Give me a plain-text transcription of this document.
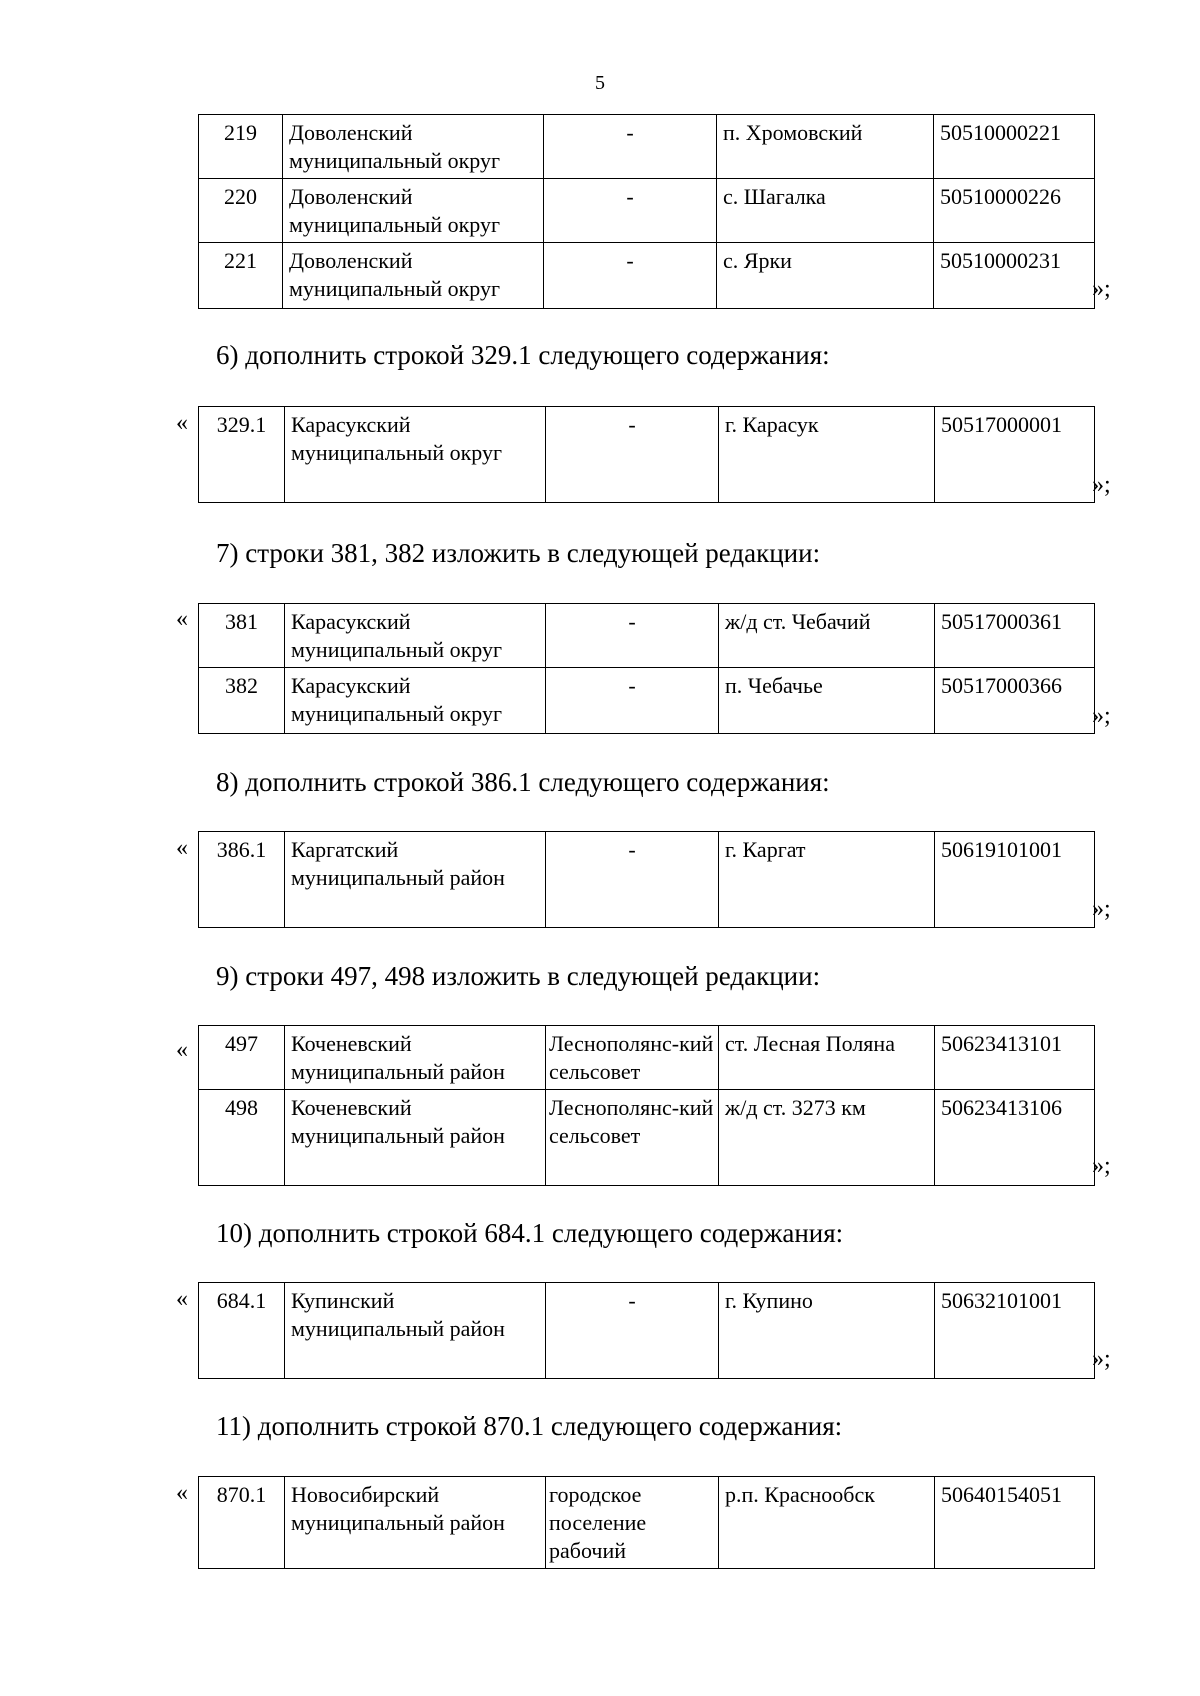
5
219	Доволенский муниципальный округ	-	п. Хромовский	50510000221
220	Доволенский муниципальный округ	-	с. Шагалка	50510000226
221	Доволенский муниципальный округ	-	с. Ярки	50510000231
»;
6) дополнить строкой 329.1 следующего содержания:
« 329.1	Карасукский муниципальный округ	-	г. Карасук	50517000001
»;
7) строки 381, 382 изложить в следующей редакции:
« 381	Карасукский муниципальный округ	-	ж/д ст. Чебачий	50517000361
382	Карасукский муниципальный округ	-	п. Чебачье	50517000366
»;
8) дополнить строкой 386.1 следующего содержания:
« 386.1	Каргатский муниципальный район	-	г. Каргат	50619101001
»;
9) строки 497, 498 изложить в следующей редакции:
« 497	Коченевский муниципальный район	Леснополянс-кий сельсовет	ст. Лесная Поляна	50623413101
498	Коченевский муниципальный район	Леснополянс-кий сельсовет	ж/д ст. 3273 км	50623413106
»;
10) дополнить строкой 684.1 следующего содержания:
« 684.1	Купинский муниципальный район	-	г. Купино	50632101001
»;
11) дополнить строкой 870.1 следующего содержания:
« 870.1	Новосибирский муниципальный район	городское поселение рабочий	р.п. Краснообск	50640154051
